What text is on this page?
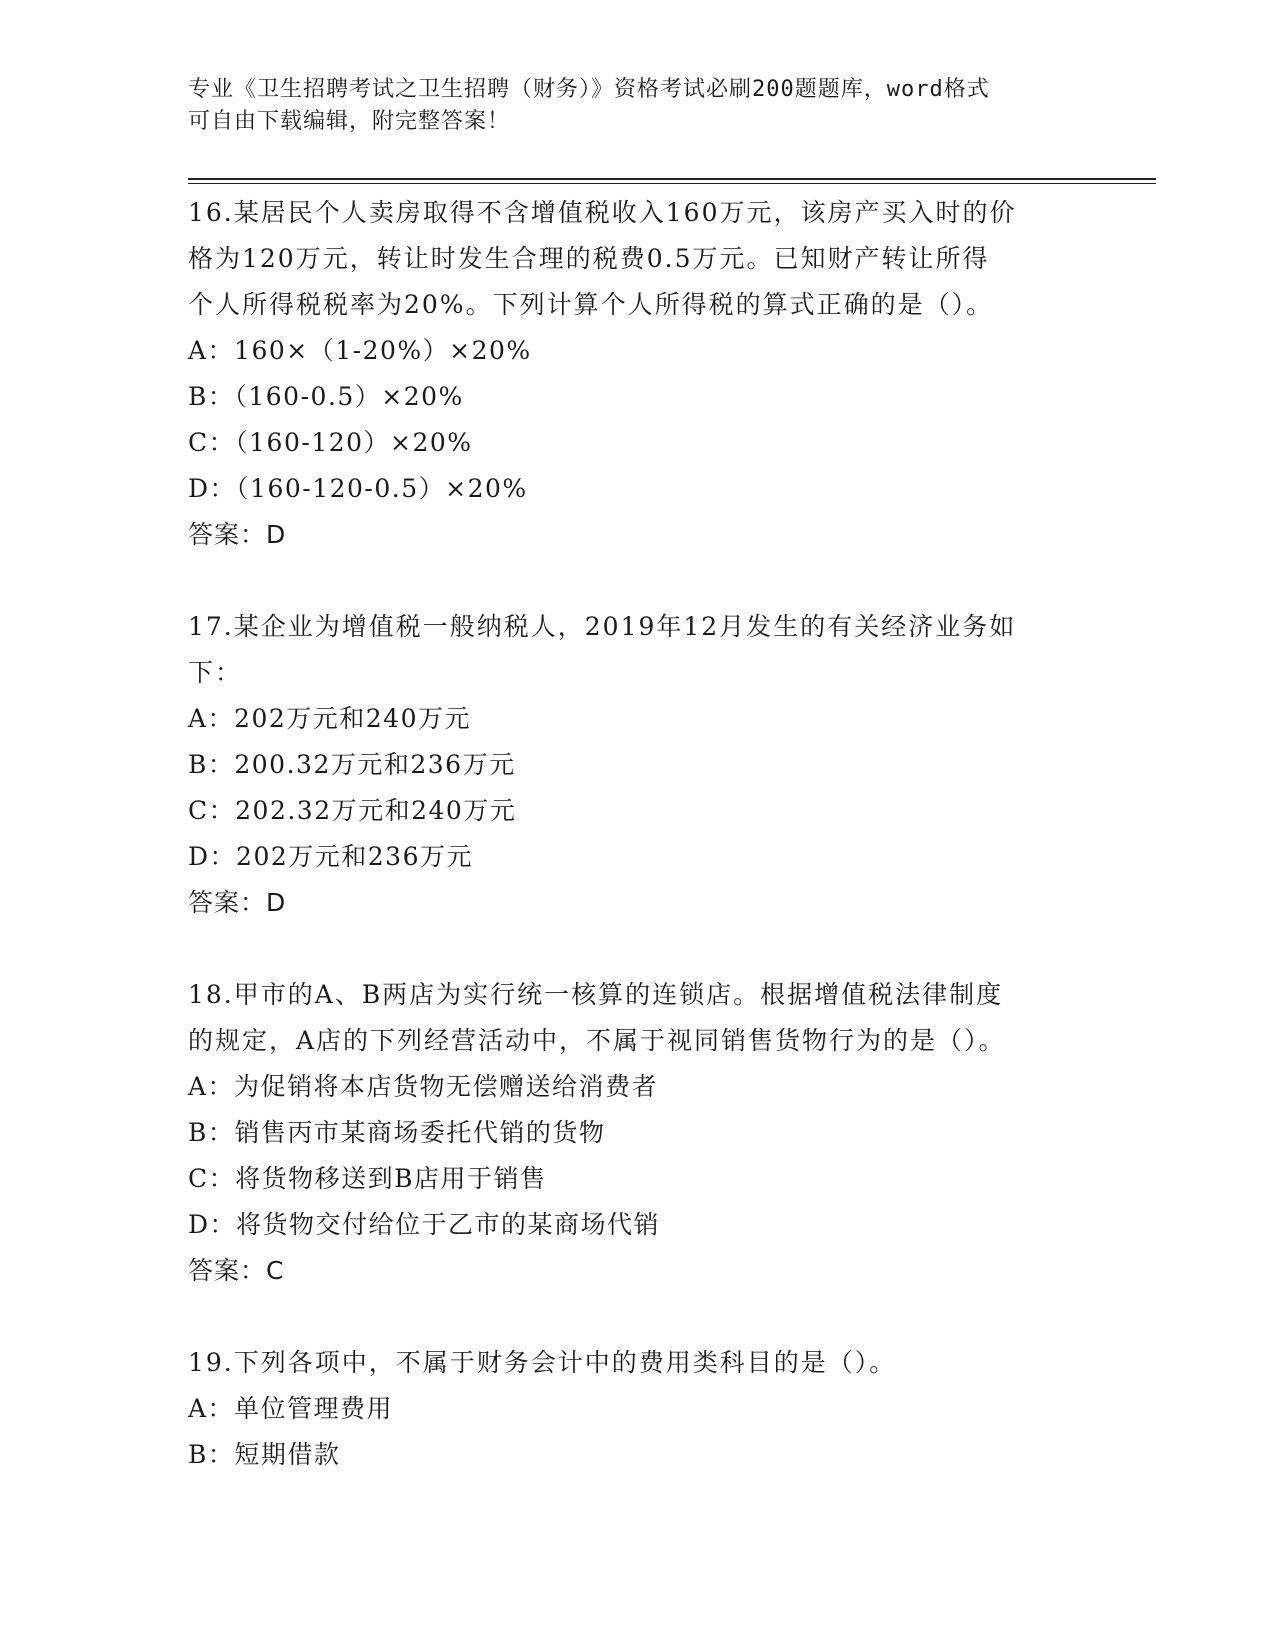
专业《卫生招聘考试之卫生招聘（财务）》资格考试必刷200题题库，word格式
可自由下载编辑，附完整答案！

16.某居民个人卖房取得不含增值税收入160万元，该房产买入时的价

格为120万元，转让时发生合理的税费0.5万元。已知财产转让所得

个人所得税税率为20%。下列计算个人所得税的算式正确的是（）。

A：160×（1-20%）×20%

B：（160-0.5）×20%

C：（160-120）×20%

D：（160-120-0.5）×20%

答案：D

17.某企业为增值税一般纳税人，2019年12月发生的有关经济业务如

下：

A：202万元和240万元

B：200.32万元和236万元

C：202.32万元和240万元

D：202万元和236万元

答案：D

18.甲市的A、B两店为实行统一核算的连锁店。根据增值税法律制度

的规定，A店的下列经营活动中，不属于视同销售货物行为的是（）。

A：为促销将本店货物无偿赠送给消费者

B：销售丙市某商场委托代销的货物

C：将货物移送到B店用于销售

D：将货物交付给位于乙市的某商场代销

答案：C

19.下列各项中，不属于财务会计中的费用类科目的是（）。

A：单位管理费用

B：短期借款
